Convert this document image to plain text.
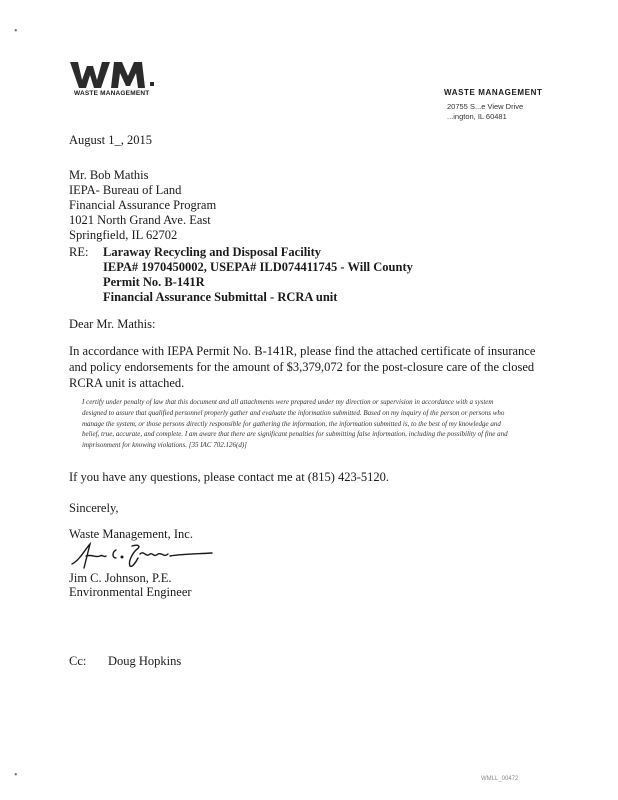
•
•
WASTE MANAGEMENT	WASTE MANAGEMENT
20755 S...e View Drive
...ington, IL 60481
August 1_, 2015
Mr. Bob Mathis
IEPA- Bureau of Land
Financial Assurance Program
1021 North Grand Ave. East
Springfield, IL 62702
RE: Laraway Recycling and Disposal Facility
IEPA# 1970450002, USEPA# ILD074411745 - Will County
Permit No. B-141R
Financial Assurance Submittal - RCRA unit
Dear Mr. Mathis:
In accordance with IEPA Permit No. B-141R, please find the attached certificate of insurance and policy endorsements for the amount of $3,379,072 for the post-closure care of the closed RCRA unit is attached.
I certify under penalty of law that this document and all attachments were prepared under my direction or supervision in accordance with a system designed to assure that qualified personnel properly gather and evaluate the information submitted. Based on my inquiry of the person or persons who manage the system, or those persons directly responsible for gathering the information, the information submitted is, to the best of my knowledge and belief, true, accurate, and complete. I am aware that there are significant penalties for submitting false information, including the possibility of fine and imprisonment for knowing violations. [35 IAC 702.126(d)]
If you have any questions, please contact me at (815) 423-5120.
Sincerely,
Waste Management, Inc.
Jim C. Johnson, P.E.
Environmental Engineer
Cc: Doug Hopkins
WMLL_00472
